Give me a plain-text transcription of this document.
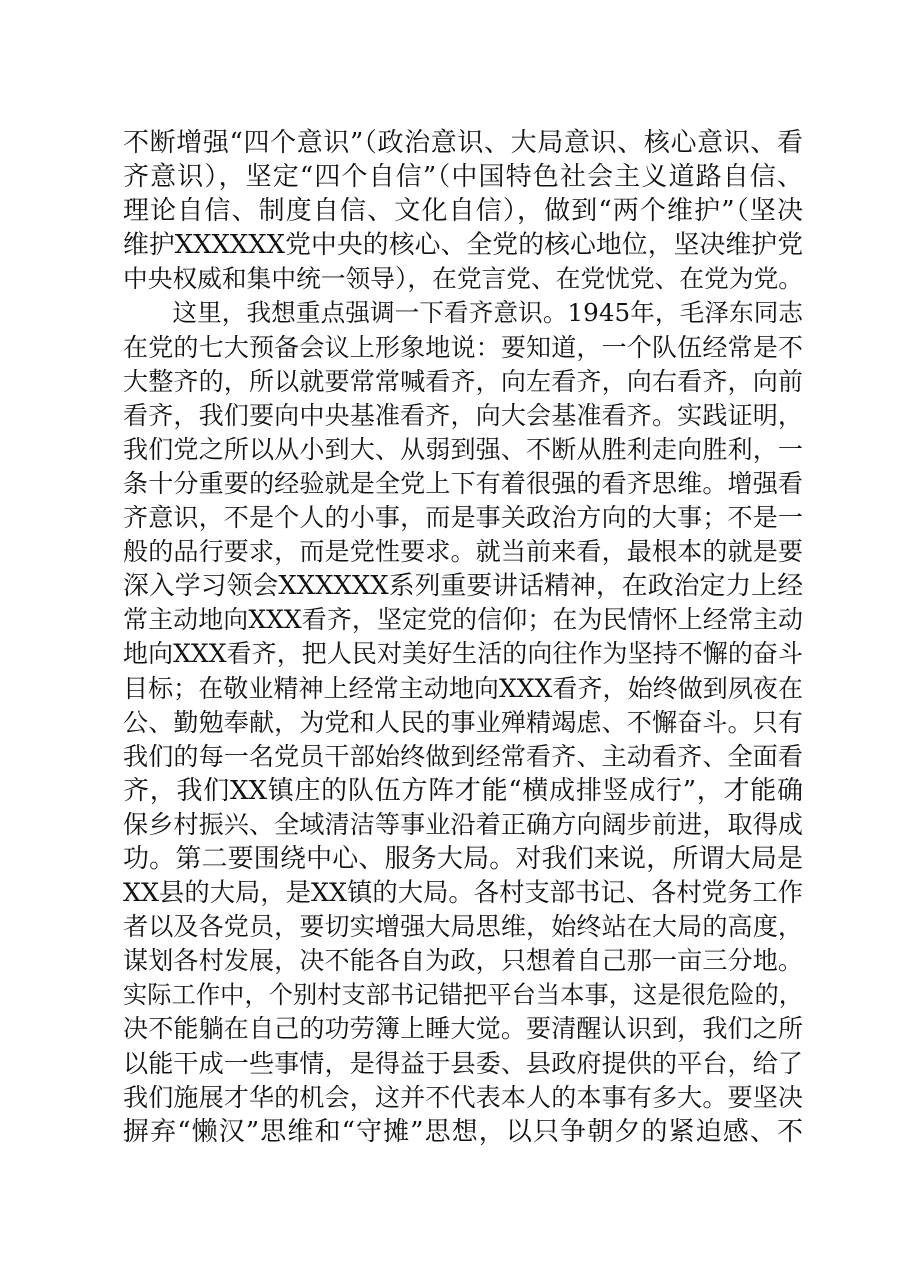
不断增强“四个意识”（政治意识、大局意识、核心意识、看
齐意识），坚定“四个自信”（中国特色社会主义道路自信、
理论自信、制度自信、文化自信），做到“两个维护”（坚决
维护XXXXXX党中央的核心、全党的核心地位，坚决维护党
中央权威和集中统一领导），在党言党、在党忧党、在党为党。
　　这里，我想重点强调一下看齐意识。1945年，毛泽东同志
在党的七大预备会议上形象地说：要知道，一个队伍经常是不
大整齐的，所以就要常常喊看齐，向左看齐，向右看齐，向前
看齐，我们要向中央基准看齐，向大会基准看齐。实践证明，
我们党之所以从小到大、从弱到强、不断从胜利走向胜利，一
条十分重要的经验就是全党上下有着很强的看齐思维。增强看
齐意识，不是个人的小事，而是事关政治方向的大事；不是一
般的品行要求，而是党性要求。就当前来看，最根本的就是要
深入学习领会XXXXXX系列重要讲话精神，在政治定力上经
常主动地向XXX看齐，坚定党的信仰；在为民情怀上经常主动
地向XXX看齐，把人民对美好生活的向往作为坚持不懈的奋斗
目标；在敬业精神上经常主动地向XXX看齐，始终做到夙夜在
公、勤勉奉献，为党和人民的事业殚精竭虑、不懈奋斗。只有
我们的每一名党员干部始终做到经常看齐、主动看齐、全面看
齐，我们XX镇庄的队伍方阵才能“横成排竖成行”，才能确
保乡村振兴、全域清洁等事业沿着正确方向阔步前进，取得成
功。第二要围绕中心、服务大局。对我们来说，所谓大局是
XX县的大局，是XX镇的大局。各村支部书记、各村党务工作
者以及各党员，要切实增强大局思维，始终站在大局的高度，
谋划各村发展，决不能各自为政，只想着自己那一亩三分地。
实际工作中，个别村支部书记错把平台当本事，这是很危险的，
决不能躺在自己的功劳簿上睡大觉。要清醒认识到，我们之所
以能干成一些事情，是得益于县委、县政府提供的平台，给了
我们施展才华的机会，这并不代表本人的本事有多大。要坚决
摒弃“懒汉”思维和“守摊”思想，以只争朝夕的紧迫感、不
